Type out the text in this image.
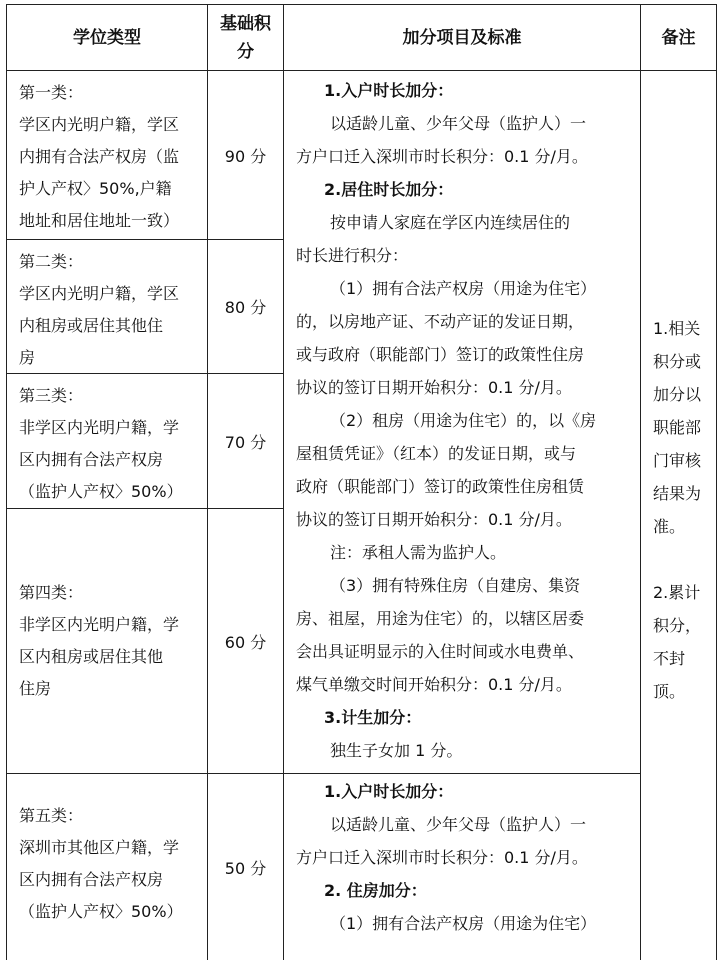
学位类型
基础积
分
加分项目及标准	备注
第一类：
学区内光明户籍，学区
内拥有合法产权房（监
护人产权〉50%,户籍
地址和居住地址一致）
第二类：
学区内光明户籍，学区
内租房或居住其他住
房
第三类：
非学区内光明户籍，学
区内拥有合法产权房
（监护人产权〉50%）
第四类：
非学区内光明户籍，学
区内租房或居住其他
住房
第五类：
深圳市其他区户籍，学
区内拥有合法产权房
（监护人产权〉50%）
90 分
80 分
70 分
60 分
50 分
1.入户时长加分：
以适龄儿童、少年父母（监护人）一
方户口迁入深圳市时长积分：0.1 分/月。
2.居住时长加分：
按申请人家庭在学区内连续居住的
时长进行积分：
（1）拥有合法产权房（用途为住宅）
的，以房地产证、不动产证的发证日期，
或与政府（职能部门）签订的政策性住房
协议的签订日期开始积分：0.1 分/月。
（2）租房（用途为住宅）的，以《房
屋租赁凭证》（红本）的发证日期，或与
政府（职能部门）签订的政策性住房租赁
协议的签订日期开始积分：0.1 分/月。
注：承租人需为监护人。
（3）拥有特殊住房（自建房、集资
房、祖屋，用途为住宅）的，以辖区居委
会出具证明显示的入住时间或水电费单、
煤气单缴交时间开始积分：0.1 分/月。
3.计生加分：
独生子女加 1 分。
1.入户时长加分：
以适龄儿童、少年父母（监护人）一
方户口迁入深圳市时长积分：0.1 分/月。
2. 住房加分：
（1）拥有合法产权房（用途为住宅）
1.相关
积分或
加分以
职能部
门审核
结果为
准。

2.累计
积分，
不封
顶。
